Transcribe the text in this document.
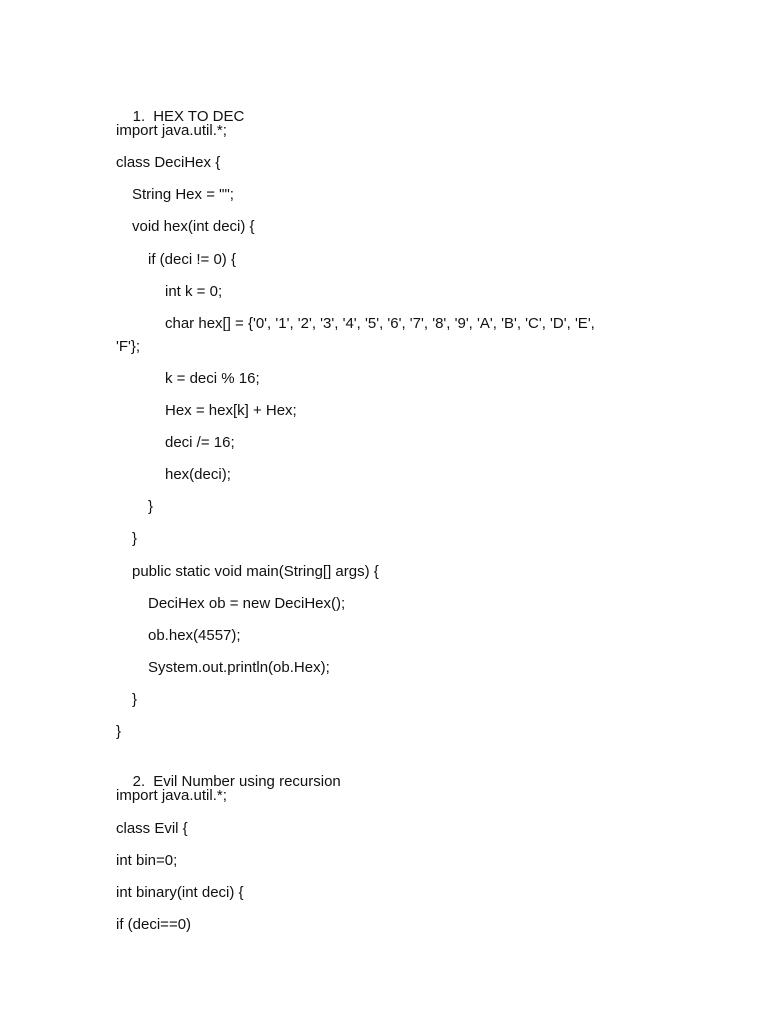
1. HEX TO DEC

import java.util.*;
class DeciHex {
String Hex = "";
void hex(int deci) {
if (deci != 0) {
int k = 0;
char hex[] = {'0', '1', '2', '3', '4', '5', '6', '7', '8', '9', 'A', 'B', 'C', 'D', 'E',
'F'};
k = deci % 16;
Hex = hex[k] + Hex;
deci /= 16;
hex(deci);
}
}
public static void main(String[] args) {
DeciHex ob = new DeciHex();
ob.hex(4557);
System.out.println(ob.Hex);
}
}

2. Evil Number using recursion

import java.util.*;
class Evil {
int bin=0;
int binary(int deci) {
if (deci==0)
